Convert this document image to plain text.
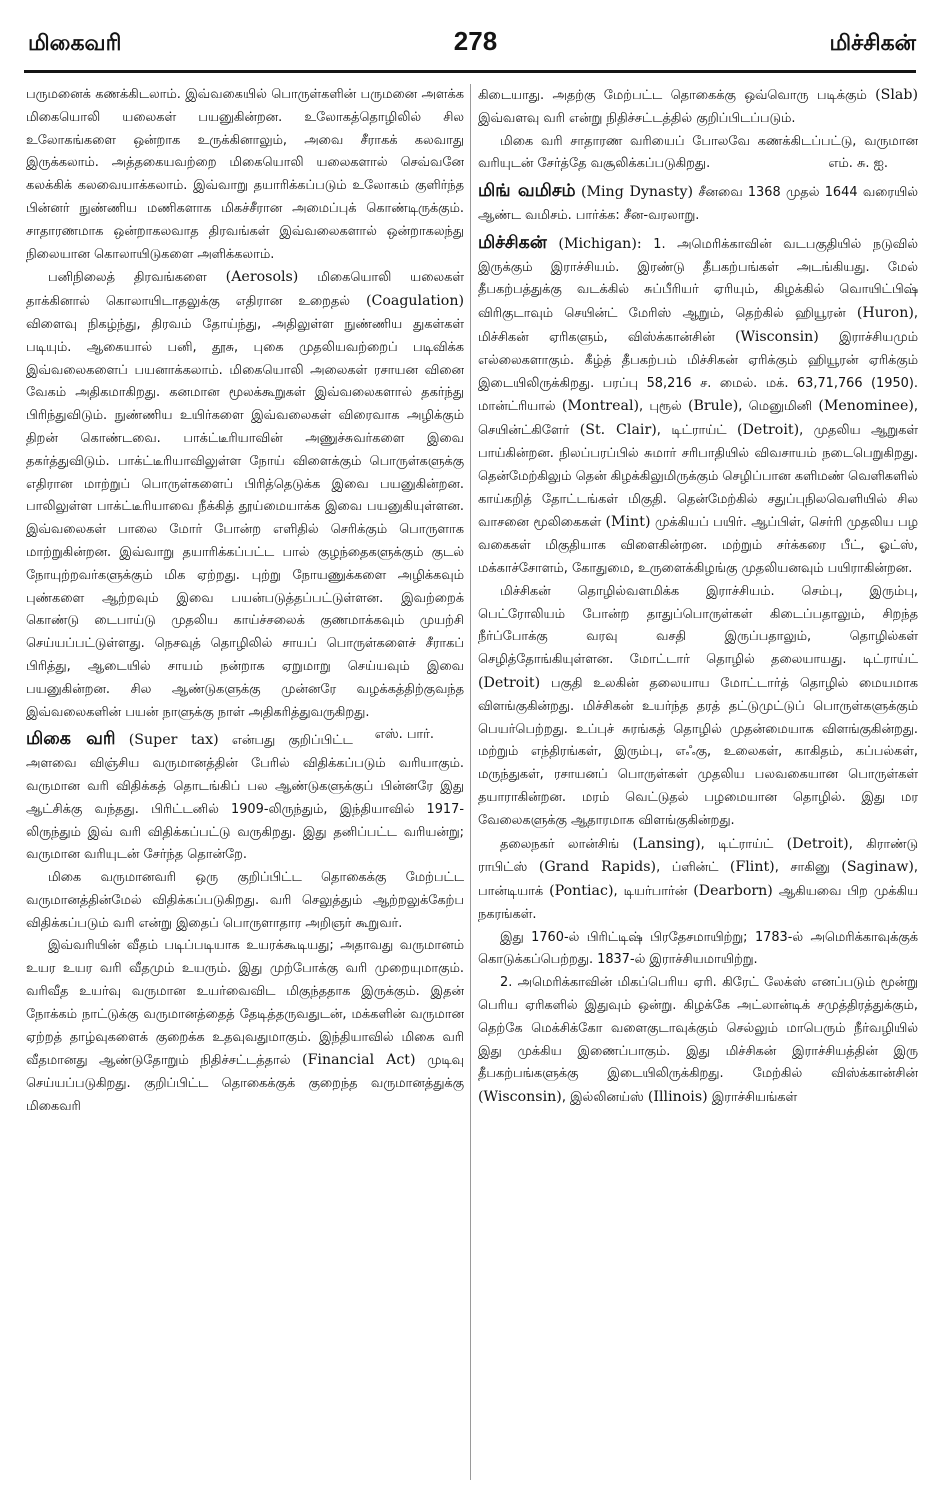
மிகைவரி	278	மிச்சிகன்

பருமனைக் கணக்கிடலாம். இவ்வகையில் பொருள்களின் பருமனை அளக்க மிகையொலி யலைகள் பயனுகின்றன. உலோகத்தொழிலில் சில உலோகங்களை ஒன்றாக உருக்கினாலும், அவை சீராகக் கலவாது இருக்கலாம். அத்தகையவற்றை மிகையொலி யலைகளால் செவ்வனே கலக்கிக் கலவையாக்கலாம். இவ்வாறு தயாரிக்கப்படும் உலோகம் குளிர்ந்த பின்னர் நுண்ணிய மணிகளாக மிகச்சீரான அமைப்புக் கொண்டிருக்கும். சாதாரணமாக ஒன்றாகலவாத திரவங்கள் இவ்வலைகளால் ஒன்றாகலந்து நிலையான கொலாயிடுகளை அளிக்கலாம்.

பனிநிலைத் திரவங்களை (Aerosols) மிகையொலி யலைகள் தாக்கினால் கொலாயிடாதலுக்கு எதிரான உறைதல் (Coagulation) விளைவு நிகழ்ந்து, திரவம் தோய்ந்து, அதிலுள்ள நுண்ணிய துகள்கள் படியும். ஆகையால் பனி, தூசு, புகை முதலியவற்றைப் படிவிக்க இவ்வலைகளைப் பயனாக்கலாம். மிகையொலி அலைகள் ரசாயன வினை வேகம் அதிகமாகிறது. கனமான மூலக்கூறுகள் இவ்வலைகளால் தகர்ந்து பிரிந்துவிடும். நுண்ணிய உயிர்களை இவ்வலைகள் விரைவாக அழிக்கும் திறன் கொண்டவை. பாக்ட்டீரியாவின் அணுச்சுவர்களை இவை தகர்த்துவிடும். பாக்ட்டீரியாவிலுள்ள நோய் விளைக்கும் பொருள்களுக்கு எதிரான மாற்றுப் பொருள்களைப் பிரித்தெடுக்க இவை பயனுகின்றன. பாலிலுள்ள பாக்ட்டீரியாவை நீக்கித் தூய்மையாக்க இவை பயனுகியுள்ளன. இவ்வலைகள் பாலை மோர் போன்ற எளிதில் செரிக்கும் பொருளாக மாற்றுகின்றன. இவ்வாறு தயாரிக்கப்பட்ட பால் குழந்தைகளுக்கும் குடல் நோயுற்றவர்களுக்கும் மிக ஏற்றது. புற்று நோயணுக்களை அழிக்கவும் புண்களை ஆற்றவும் இவை பயன்படுத்தப்பட்டுள்ளன. இவற்றைக் கொண்டு டைபாய்டு முதலிய காய்ச்சலைக் குணமாக்கவும் முயற்சி செய்யப்பட்டுள்ளது. நெசவுத் தொழிலில் சாயப் பொருள்களைச் சீராகப் பிரித்து, ஆடையில் சாயம் நன்றாக ஏறுமாறு செய்யவும் இவை பயனுகின்றன. சில ஆண்டுகளுக்கு முன்னரே வழக்கத்திற்குவந்த இவ்வலைகளின் பயன் நாளுக்கு நாள் அதிகரித்துவருகிறது.
எஸ். பார்.

மிகை வரி (Super tax) என்பது குறிப்பிட்ட அளவை விஞ்சிய வருமானத்தின் பேரில் விதிக்கப்படும் வரியாகும். வருமான வரி விதிக்கத் தொடங்கிப் பல ஆண்டுகளுக்குப் பின்னரே இது ஆட்சிக்கு வந்தது. பிரிட்டனில் 1909-லிருந்தும், இந்தியாவில் 1917-லிருந்தும் இவ் வரி விதிக்கப்பட்டு வருகிறது. இது தனிப்பட்ட வரியன்று; வருமான வரியுடன் சேர்ந்த தொன்றே.

மிகை வருமானவரி ஒரு குறிப்பிட்ட தொகைக்கு மேற்பட்ட வருமானத்தின்மேல் விதிக்கப்படுகிறது. வரி செலுத்தும் ஆற்றலுக்கேற்ப விதிக்கப்படும் வரி என்று இதைப் பொருளாதார அறிஞர் கூறுவர்.

இவ்வரியின் வீதம் படிப்படியாக உயரக்கூடியது; அதாவது வருமானம் உயர உயர வரி வீதமும் உயரும். இது முற்போக்கு வரி முறையுமாகும். வரிவீத உயர்வு வருமான உயர்வைவிட மிகுந்ததாக இருக்கும். இதன் நோக்கம் நாட்டுக்கு வருமானத்தைத் தேடித்தருவதுடன், மக்களின் வருமான ஏற்றத் தாழ்வுகளைக் குறைக்க உதவுவதுமாகும். இந்தியாவில் மிகை வரி வீதமானது ஆண்டுதோறும் நிதிச்சட்டத்தால் (Financial Act) முடிவு செய்யப்படுகிறது. குறிப்பிட்ட தொகைக்குக் குறைந்த வருமானத்துக்கு மிகைவரி

கிடையாது. அதற்கு மேற்பட்ட தொகைக்கு ஒவ்வொரு படிக்கும் (Slab) இவ்வளவு வரி என்று நிதிச்சட்டத்தில் குறிப்பிடப்படும்.

மிகை வரி சாதாரண வரியைப் போலவே கணக்கிடப்பட்டு, வருமான வரியுடன் சேர்த்தே வசூலிக்கப்படுகிறது.	எம். சு. ஐ.

மிங் வமிசம் (Ming Dynasty) சீனவை 1368 முதல் 1644 வரையில் ஆண்ட வமிசம். பார்க்க: சீன-வரலாறு.

மிச்சிகன் (Michigan): 1. அமெரிக்காவின் வடபகுதியில் நடுவில் இருக்கும் இராச்சியம். இரண்டு தீபகற்பங்கள் அடங்கியது. மேல் தீபகற்பத்துக்கு வடக்கில் சுப்பீரியர் ஏரியும், கிழக்கில் வொயிட்பிஷ் விரிகுடாவும் செயின்ட் மேரிஸ் ஆறும், தெற்கில் ஹியூரன் (Huron), மிச்சிகன் ஏரிகளும், விஸ்க்கான்சின் (Wisconsin) இராச்சியமும் எல்லைகளாகும். கீழ்த் தீபகற்பம் மிச்சிகன் ஏரிக்கும் ஹியூரன் ஏரிக்கும் இடையிலிருக்கிறது. பரப்பு 58,216 ச. மைல். மக். 63,71,766 (1950). மான்ட்ரியால் (Montreal), புரூல் (Brule), மெனுமினி (Menominee), செயின்ட்கிளேர் (St. Clair), டிட்ராய்ட் (Detroit), முதலிய ஆறுகள் பாய்கின்றன. நிலப்பரப்பில் சுமார் சரிபாதியில் விவசாயம் நடைபெறுகிறது. தென்மேற்கிலும் தென் கிழக்கிலுமிருக்கும் செழிப்பான களிமண் வெளிகளில் காய்கறித் தோட்டங்கள் மிகுதி. தென்மேற்கில் சதுப்புநிலவெளியில் சில வாசனை மூலிகைகள் (Mint) முக்கியப் பயிர். ஆப்பிள், செர்ரி முதலிய பழ வகைகள் மிகுதியாக விளைகின்றன. மற்றும் சர்க்கரை பீட், ஓட்ஸ், மக்காச்சோளம், கோதுமை, உருளைக்கிழங்கு முதலியனவும் பயிராகின்றன.

மிச்சிகன் தொழில்வளமிக்க இராச்சியம். செம்பு, இரும்பு, பெட்ரோலியம் போன்ற தாதுப்பொருள்கள் கிடைப்பதாலும், சிறந்த நீர்ப்போக்கு வரவு வசதி இருப்பதாலும், தொழில்கள் செழித்தோங்கியுள்ளன. மோட்டார் தொழில் தலையாயது. டிட்ராய்ட் (Detroit) பகுதி உலகின் தலையாய மோட்டார்த் தொழில் மையமாக விளங்குகின்றது. மிச்சிகன் உயர்ந்த தரத் தட்டுமுட்டுப் பொருள்களுக்கும் பெயர்பெற்றது. உப்புச் சுரங்கத் தொழில் முதன்மையாக விளங்குகின்றது. மற்றும் எந்திரங்கள், இரும்பு, எஃகு, உலைகள், காகிதம், கப்பல்கள், மருந்துகள், ரசாயனப் பொருள்கள் முதலிய பலவகையான பொருள்கள் தயாராகின்றன. மரம் வெட்டுதல் பழமையான தொழில். இது மர வேலைகளுக்கு ஆதாரமாக விளங்குகின்றது.

தலைநகர் லான்சிங் (Lansing), டிட்ராய்ட் (Detroit), கிராண்டு ராபிட்ஸ் (Grand Rapids), ப்ளின்ட் (Flint), சாகினு (Saginaw), பான்டியாக் (Pontiac), டியர்பார்ன் (Dearborn) ஆகியவை பிற முக்கிய நகரங்கள்.

இது 1760-ல் பிரிட்டிஷ் பிரதேசமாயிற்று; 1783-ல் அமெரிக்காவுக்குக் கொடுக்கப்பெற்றது. 1837-ல் இராச்சியமாயிற்று.

2. அமெரிக்காவின் மிகப்பெரிய ஏரி. கிரேட் லேக்ஸ் எனப்படும் மூன்று பெரிய ஏரிகளில் இதுவும் ஒன்று. கிழக்கே அட்லான்டிக் சமுத்திரத்துக்கும், தெற்கே மெக்சிக்கோ வளைகுடாவுக்கும் செல்லும் மாபெரும் நீர்வழியில் இது முக்கிய இணைப்பாகும். இது மிச்சிகன் இராச்சியத்தின் இரு தீபகற்பங்களுக்கு இடையிலிருக்கிறது. மேற்கில் விஸ்க்கான்சின் (Wisconsin), இல்லினய்ஸ் (Illinois) இராச்சியங்கள்
